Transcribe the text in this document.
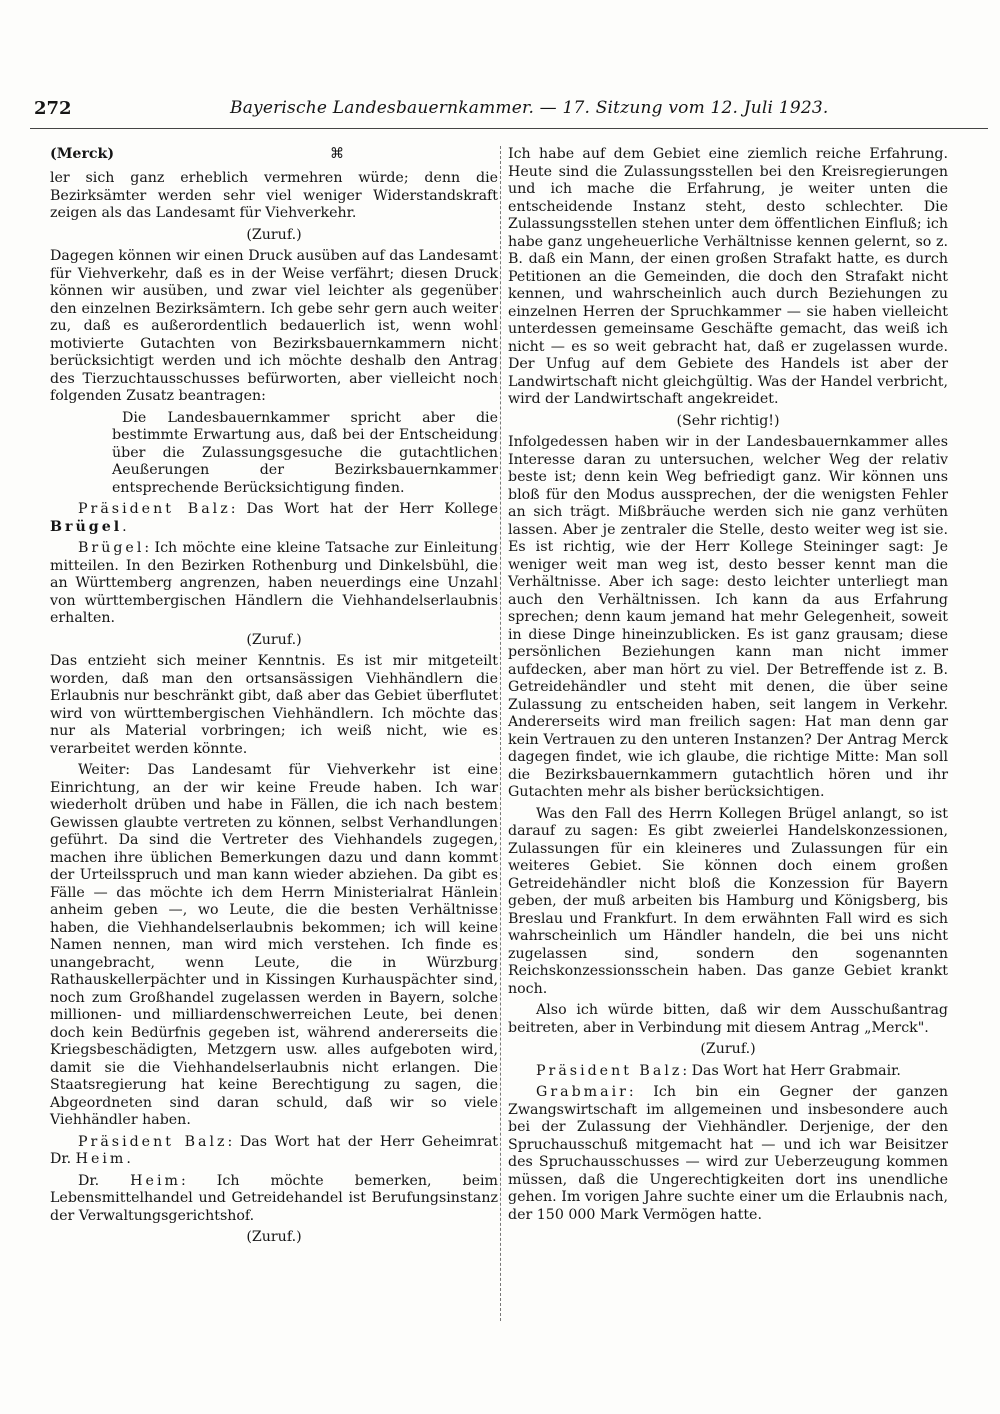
272	Bayerische Landesbauernkammer. — 17. Sitzung vom 12. Juli 1923.
(Merck)	⌘

ler sich ganz erheblich vermehren würde; denn die Bezirksämter werden sehr viel weniger Widerstandskraft zeigen als das Landesamt für Viehverkehr.

(Zuruf.)

Dagegen können wir einen Druck ausüben auf das Landesamt für Viehverkehr, daß es in der Weise verfährt; diesen Druck können wir ausüben, und zwar viel leichter als gegenüber den einzelnen Bezirksämtern. Ich gebe sehr gern auch weiter zu, daß es außerordentlich bedauerlich ist, wenn wohl motivierte Gutachten von Bezirksbauernkammern nicht berücksichtigt werden und ich möchte deshalb den Antrag des Tierzuchtausschusses befürworten, aber vielleicht noch folgenden Zusatz beantragen:

Die Landesbauernkammer spricht aber die bestimmte Erwartung aus, daß bei der Entscheidung über die Zulassungsgesuche die gutachtlichen Aeußerungen der Bezirksbauernkammer entsprechende Berücksichtigung finden.

Präsident Balz: Das Wort hat der Herr Kollege Brügel.

Brügel: Ich möchte eine kleine Tatsache zur Einleitung mitteilen. In den Bezirken Rothenburg und Dinkelsbühl, die an Württemberg angrenzen, haben neuerdings eine Unzahl von württembergischen Händlern die Viehhandelserlaubnis erhalten.

(Zuruf.)

Das entzieht sich meiner Kenntnis. Es ist mir mitgeteilt worden, daß man den ortsansässigen Viehhändlern die Erlaubnis nur beschränkt gibt, daß aber das Gebiet überflutet wird von württembergischen Viehhändlern. Ich möchte das nur als Material vorbringen; ich weiß nicht, wie es verarbeitet werden könnte.

Weiter: Das Landesamt für Viehverkehr ist eine Einrichtung, an der wir keine Freude haben. Ich war wiederholt drüben und habe in Fällen, die ich nach bestem Gewissen glaubte vertreten zu können, selbst Verhandlungen geführt. Da sind die Vertreter des Viehhandels zugegen, machen ihre üblichen Bemerkungen dazu und dann kommt der Urteilsspruch und man kann wieder abziehen. Da gibt es Fälle — das möchte ich dem Herrn Ministerialrat Hänlein anheim geben —, wo Leute, die die besten Verhältnisse haben, die Viehhandelserlaubnis bekommen; ich will keine Namen nennen, man wird mich verstehen. Ich finde es unangebracht, wenn Leute, die in Würzburg Rathauskellerpächter und in Kissingen Kurhauspächter sind, noch zum Großhandel zugelassen werden in Bayern, solche millionen- und milliardenschwerreichen Leute, bei denen doch kein Bedürfnis gegeben ist, während andererseits die Kriegsbeschädigten, Metzgern usw. alles aufgeboten wird, damit sie die Viehhandelserlaubnis nicht erlangen. Die Staatsregierung hat keine Berechtigung zu sagen, die Abgeordneten sind daran schuld, daß wir so viele Viehhändler haben.

Präsident Balz: Das Wort hat der Herr Geheimrat Dr. Heim.

Dr. Heim: Ich möchte bemerken, beim Lebensmittelhandel und Getreidehandel ist Berufungsinstanz der Verwaltungsgerichtshof.

(Zuruf.)

Ich habe auf dem Gebiet eine ziemlich reiche Erfahrung. Heute sind die Zulassungsstellen bei den Kreisregierungen und ich mache die Erfahrung, je weiter unten die entscheidende Instanz steht, desto schlechter. Die Zulassungsstellen stehen unter dem öffentlichen Einfluß; ich habe ganz ungeheuerliche Verhältnisse kennen gelernt, so z. B. daß ein Mann, der einen großen Strafakt hatte, es durch Petitionen an die Gemeinden, die doch den Strafakt nicht kennen, und wahrscheinlich auch durch Beziehungen zu einzelnen Herren der Spruchkammer — sie haben vielleicht unterdessen gemeinsame Geschäfte gemacht, das weiß ich nicht — es so weit gebracht hat, daß er zugelassen wurde. Der Unfug auf dem Gebiete des Handels ist aber der Landwirtschaft nicht gleichgültig. Was der Handel verbricht, wird der Landwirtschaft angekreidet.

(Sehr richtig!)

Infolgedessen haben wir in der Landesbauernkammer alles Interesse daran zu untersuchen, welcher Weg der relativ beste ist; denn kein Weg befriedigt ganz. Wir können uns bloß für den Modus aussprechen, der die wenigsten Fehler an sich trägt. Mißbräuche werden sich nie ganz verhüten lassen. Aber je zentraler die Stelle, desto weiter weg ist sie. Es ist richtig, wie der Herr Kollege Steininger sagt: Je weniger weit man weg ist, desto besser kennt man die Verhältnisse. Aber ich sage: desto leichter unterliegt man auch den Verhältnissen. Ich kann da aus Erfahrung sprechen; denn kaum jemand hat mehr Gelegenheit, soweit in diese Dinge hineinzublicken. Es ist ganz grausam; diese persönlichen Beziehungen kann man nicht immer aufdecken, aber man hört zu viel. Der Betreffende ist z. B. Getreidehändler und steht mit denen, die über seine Zulassung zu entscheiden haben, seit langem in Verkehr. Andererseits wird man freilich sagen: Hat man denn gar kein Vertrauen zu den unteren Instanzen? Der Antrag Merck dagegen findet, wie ich glaube, die richtige Mitte: Man soll die Bezirksbauernkammern gutachtlich hören und ihr Gutachten mehr als bisher berücksichtigen.

Was den Fall des Herrn Kollegen Brügel anlangt, so ist darauf zu sagen: Es gibt zweierlei Handelskonzessionen, Zulassungen für ein kleineres und Zulassungen für ein weiteres Gebiet. Sie können doch einem großen Getreidehändler nicht bloß die Konzession für Bayern geben, der muß arbeiten bis Hamburg und Königsberg, bis Breslau und Frankfurt. In dem erwähnten Fall wird es sich wahrscheinlich um Händler handeln, die bei uns nicht zugelassen sind, sondern den sogenannten Reichskonzessionsschein haben. Das ganze Gebiet krankt noch.

Also ich würde bitten, daß wir dem Ausschußantrag beitreten, aber in Verbindung mit diesem Antrag „Merck".

(Zuruf.)

Präsident Balz: Das Wort hat Herr Grabmair.

Grabmair: Ich bin ein Gegner der ganzen Zwangswirtschaft im allgemeinen und insbesondere auch bei der Zulassung der Viehhändler. Derjenige, der den Spruchausschuß mitgemacht hat — und ich war Beisitzer des Spruchausschusses — wird zur Ueberzeugung kommen müssen, daß die Ungerechtigkeiten dort ins unendliche gehen. Im vorigen Jahre suchte einer um die Erlaubnis nach, der 150 000 Mark Vermögen hatte.
